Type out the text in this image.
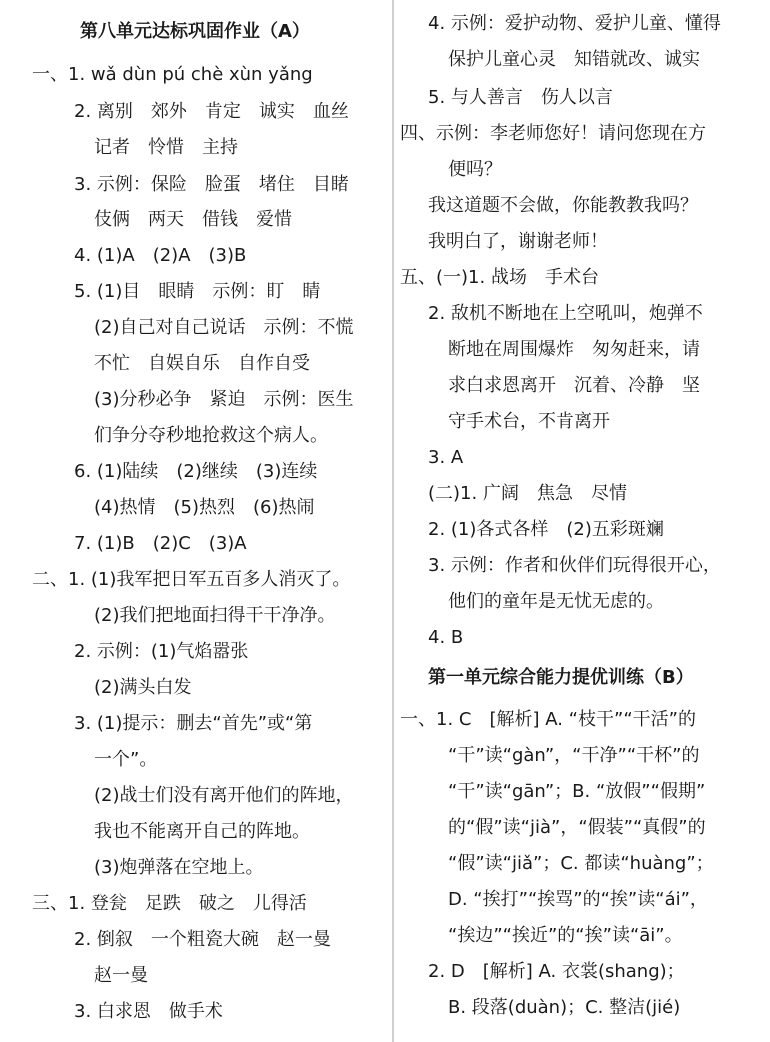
第八单元达标巩固作业（A）
一、1. wǎ dùn pú chè xùn yǎng
2. 离别　郊外　肯定　诚实　血丝
记者　怜惜　主持
3. 示例：保险　脸蛋　堵住　目睹
伎俩　两天　借钱　爱惜
4. (1)A　(2)A　(3)B
5. (1)目　眼睛　示例：盯　睛
(2)自己对自己说话　示例：不慌
不忙　自娱自乐　自作自受
(3)分秒必争　紧迫　示例：医生
们争分夺秒地抢救这个病人。
6. (1)陆续　(2)继续　(3)连续
(4)热情　(5)热烈　(6)热闹
7. (1)B　(2)C　(3)A
二、1. (1)我军把日军五百多人消灭了。
(2)我们把地面扫得干干净净。
2. 示例：(1)气焰嚣张
(2)满头白发
3. (1)提示：删去“首先”或“第
一个”。
(2)战士们没有离开他们的阵地，
我也不能离开自己的阵地。
(3)炮弹落在空地上。
三、1. 登瓮　足跌　破之　儿得活
2. 倒叙　一个粗瓷大碗　赵一曼
赵一曼
3. 白求恩　做手术
4. 示例：爱护动物、爱护儿童、懂得
保护儿童心灵　知错就改、诚实
5. 与人善言　伤人以言
四、示例：李老师您好！请问您现在方
便吗？
我这道题不会做，你能教教我吗？
我明白了，谢谢老师！
五、(一)1. 战场　手术台
2. 敌机不断地在上空吼叫，炮弹不
断地在周围爆炸　匆匆赶来，请
求白求恩离开　沉着、冷静　坚
守手术台，不肯离开
3. A
(二)1. 广阔　焦急　尽情
2. (1)各式各样　(2)五彩斑斓
3. 示例：作者和伙伴们玩得很开心，
他们的童年是无忧无虑的。
4. B
第一单元综合能力提优训练（B）
一、1. C　[解析] A. “枝干”“干活”的
“干”读“gàn”，“干净”“干杯”的
“干”读“gān”；B. “放假”“假期”
的“假”读“jià”，“假装”“真假”的
“假”读“jiǎ”；C. 都读“huàng”；
D. “挨打”“挨骂”的“挨”读“ái”，
“挨边”“挨近”的“挨”读“āi”。
2. D　[解析] A. 衣裳(shang)；
B. 段落(duàn)；C. 整洁(jié)
